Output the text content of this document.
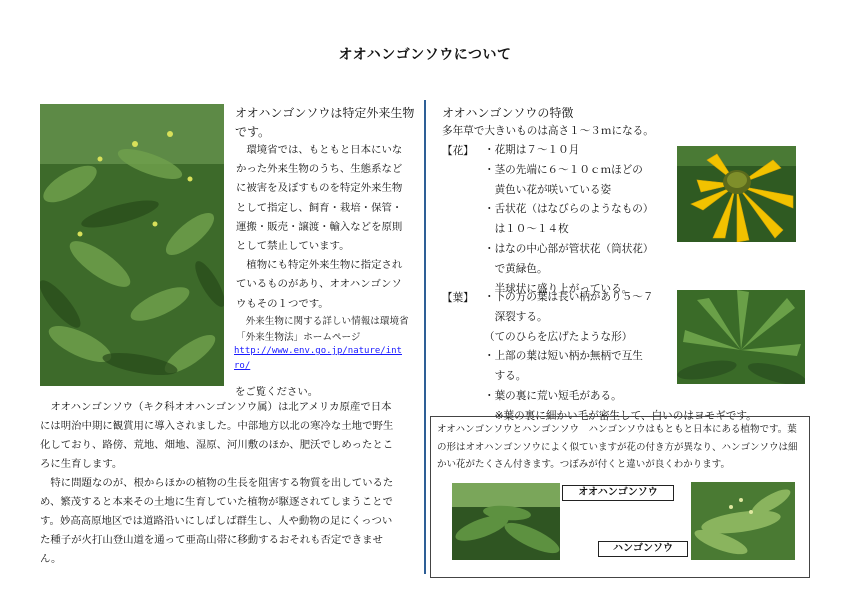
オオハンゴンソウについて
オオハンゴンソウは特定外来生物です。
環境省では、もともと日本にいなかった外来生物のうち、生態系などに被害を及ぼすものを特定外来生物として指定し、飼育・栽培・保管・運搬・販売・譲渡・輸入などを原則として禁止しています。
植物にも特定外来生物に指定されているものがあり、オオハンゴンソウもその１つです。
外来生物に関する詳しい情報は環境省「外来生物法」ホームページ
http://www.env.go.jp/nature/intro/
をご覧ください。
オオハンゴンソウ（キク科オオハンゴンソウ属）は北アメリカ原産で日本には明治中期に観賞用に導入されました。中部地方以北の寒冷な土地で野生化しており、路傍、荒地、畑地、湿原、河川敷のほか、肥沃でしめったところに生育します。
特に問題なのが、根からほかの植物の生長を阻害する物質を出しているため、繁茂すると本来その土地に生育していた植物が駆逐されてしまうことです。妙高高原地区では道路沿いにしばしば群生し、人や動物の足にくっついた種子が火打山登山道を通って亜高山帯に移動するおそれも否定できません。
オオハンゴンソウの特徴
多年草で大きいものは高さ１～３ｍになる。
【花】 ・花期は７～１０月
・茎の先端に６～１０ｃｍほどの
　黄色い花が咲いている姿
・舌状花（はなびらのようなもの）
　は１０～１４枚
・はなの中心部が管状花（筒状花）
　で黄緑色。
　半球状に盛り上がっている。
【葉】 ・下の方の葉は長い柄があり５～７
　深裂する。
（てのひらを広げたような形）
・上部の葉は短い柄か無柄で互生
　する。
・葉の裏に荒い短毛がある。
　※葉の裏に細かい毛が密生して、白いのはヨモギです。
オオハンゴンソウとハンゴンソウ　ハンゴンソウはもともと日本にある植物です。葉の形はオオハンゴンソウによく似ていますが花の付き方が異なり、ハンゴンソウは細かい花がたくさん付きます。つぼみが付くと違いが良くわかります。
オオハンゴンソウ
ハンゴンソウ
